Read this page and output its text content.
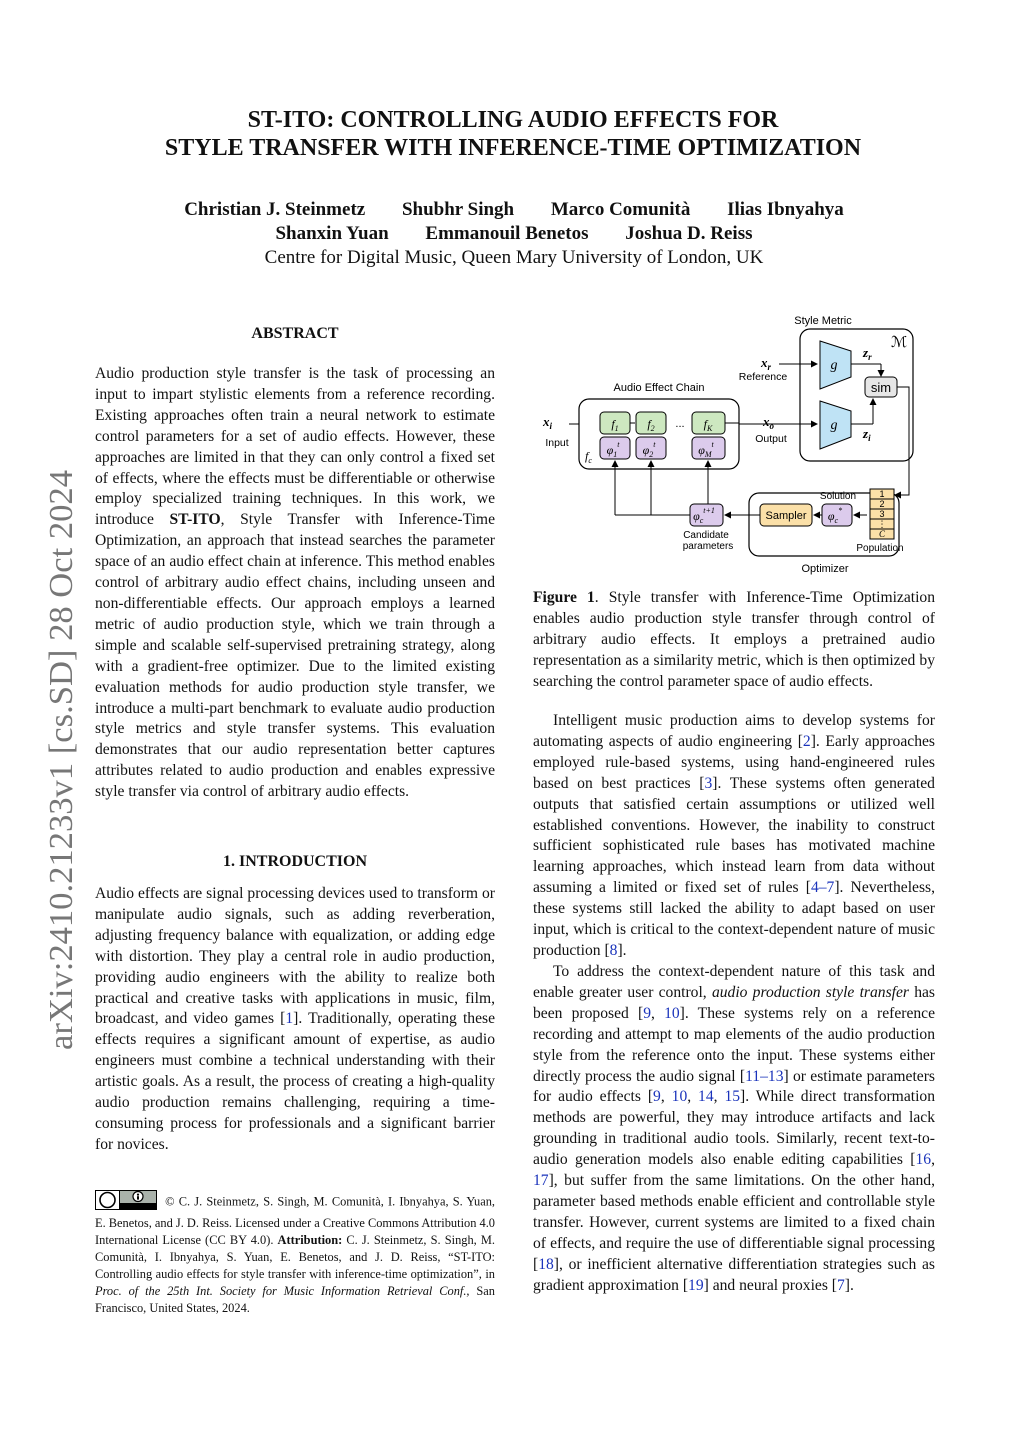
arXiv:2410.21233v1 [cs.SD] 28 Oct 2024
ST-ITO: CONTROLLING AUDIO EFFECTS FOR
STYLE TRANSFER WITH INFERENCE-TIME OPTIMIZATION
Christian J. Steinmetz Shubhr Singh Marco Comunità Ilias Ibnyahya
Shanxin Yuan Emmanouil Benetos Joshua D. Reiss
Centre for Digital Music, Queen Mary University of London, UK
ABSTRACT
Audio production style transfer is the task of processing an input to impart stylistic elements from a reference recording. Existing approaches often train a neural network to estimate control parameters for a set of audio effects. However, these approaches are limited in that they can only control a fixed set of effects, where the effects must be differentiable or otherwise employ specialized training techniques. In this work, we introduce ST-ITO, Style Transfer with Inference-Time Optimization, an approach that instead searches the parameter space of an audio effect chain at inference. This method enables control of arbitrary audio effect chains, including unseen and non-differentiable effects. Our approach employs a learned metric of audio production style, which we train through a simple and scalable self-supervised pretraining strategy, along with a gradient-free optimizer. Due to the limited existing evaluation methods for audio production style transfer, we introduce a multi-part benchmark to evaluate audio production style metrics and style transfer systems. This evaluation demonstrates that our audio representation better captures attributes related to audio production and enables expressive style transfer via control of arbitrary audio effects.
1. INTRODUCTION
Audio effects are signal processing devices used to transform or manipulate audio signals, such as adding reverberation, adjusting frequency balance with equalization, or adding edge with distortion. They play a central role in audio production, providing audio engineers with the ability to realize both practical and creative tasks with applications in music, film, broadcast, and video games [1]. Traditionally, operating these effects requires a significant amount of expertise, as audio engineers must combine a technical understanding with their artistic goals. As a result, the process of creating a high-quality audio production remains challenging, requiring a time-consuming process for professionals and a significant barrier for novices.
© C. J. Steinmetz, S. Singh, M. Comunità, I. Ibnyahya, S. Yuan, E. Benetos, and J. D. Reiss. Licensed under a Creative Commons Attribution 4.0 International License (CC BY 4.0). Attribution: C. J. Steinmetz, S. Singh, M. Comunità, I. Ibnyahya, S. Yuan, E. Benetos, and J. D. Reiss, “ST-ITO: Controlling audio effects for style transfer with inference-time optimization”, in Proc. of the 25th Int. Society for Music Information Retrieval Conf., San Francisco, United States, 2024.
Style Metric
ℳ
g
g
$z_r$
$z_i$
sim
$x_r$
Reference
$x_o$
Output
$x_i$
Input
Audio Effect Chain
$f_1$ $f_2$ ... $f_K$
$\varphi_1^t$ $\varphi_2^t$	$\varphi_M^t$
$f_c$
$\varphi_c^{t+1}$
Candidate
parameters
Optimizer
Sampler $\varphi_c^*$
Solution	1
2
3
⋮
C
Population
Figure 1. Style transfer with Inference-Time Optimization enables audio production style transfer through control of arbitrary audio effects. It employs a pretrained audio representation as a similarity metric, which is then optimized by searching the control parameter space of audio effects.
Intelligent music production aims to develop systems for automating aspects of audio engineering [2]. Early approaches employed rule-based systems, using hand-engineered rules based on best practices [3]. These systems often generated outputs that satisfied certain assumptions or utilized well established conventions. However, the inability to construct sufficient sophisticated rule bases has motivated machine learning approaches, which instead learn from data without assuming a limited or fixed set of rules [4–7]. Nevertheless, these systems still lacked the ability to adapt based on user input, which is critical to the context-dependent nature of music production [8].
To address the context-dependent nature of this task and enable greater user control, audio production style transfer has been proposed [9, 10]. These systems rely on a reference recording and attempt to map elements of the audio production style from the reference onto the input. These systems either directly process the audio signal [11–13] or estimate parameters for audio effects [9, 10, 14, 15]. While direct transformation methods are powerful, they may introduce artifacts and lack grounding in traditional audio tools. Similarly, recent text-to-audio generation models also enable editing capabilities [16, 17], but suffer from the same limitations. On the other hand, parameter based methods enable efficient and controllable style transfer. However, current systems are limited to a fixed chain of effects, and require the use of differentiable signal processing [18], or inefficient alternative differentiation strategies such as gradient approximation [19] and neural proxies [7].
